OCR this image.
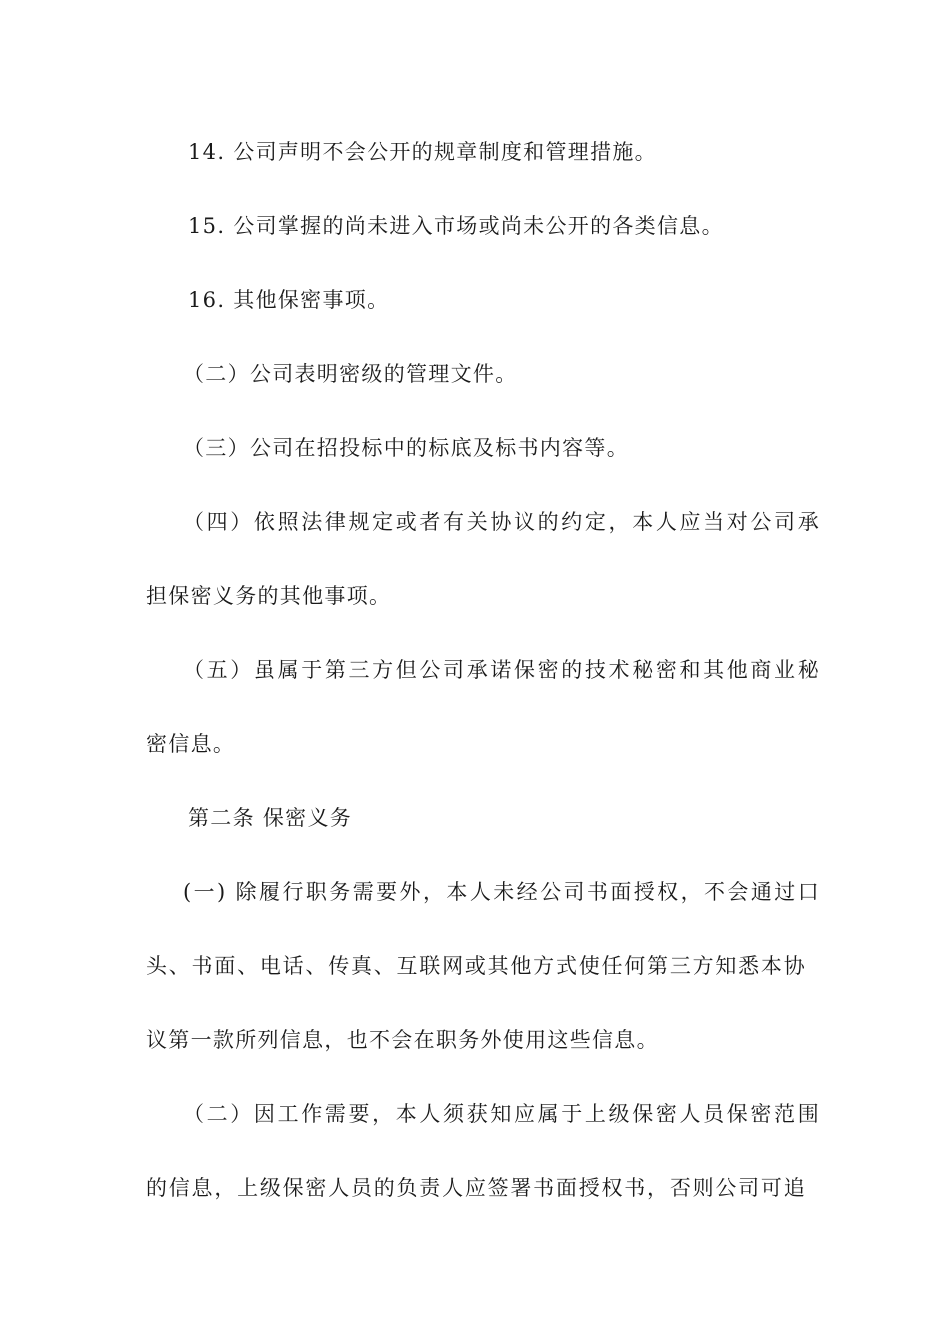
14. 公司声明不会公开的规章制度和管理措施。
15. 公司掌握的尚未进入市场或尚未公开的各类信息。
16. 其他保密事项。
（二）公司表明密级的管理文件。
（三）公司在招投标中的标底及标书内容等。
（四）依照法律规定或者有关协议的约定，本人应当对公司承
担保密义务的其他事项。
（五）虽属于第三方但公司承诺保密的技术秘密和其他商业秘
密信息。
第二条 保密义务
(一) 除履行职务需要外，本人未经公司书面授权，不会通过口
头、书面、电话、传真、互联网或其他方式使任何第三方知悉本协
议第一款所列信息，也不会在职务外使用这些信息。
（二）因工作需要，本人须获知应属于上级保密人员保密范围
的信息，上级保密人员的负责人应签署书面授权书，否则公司可追
